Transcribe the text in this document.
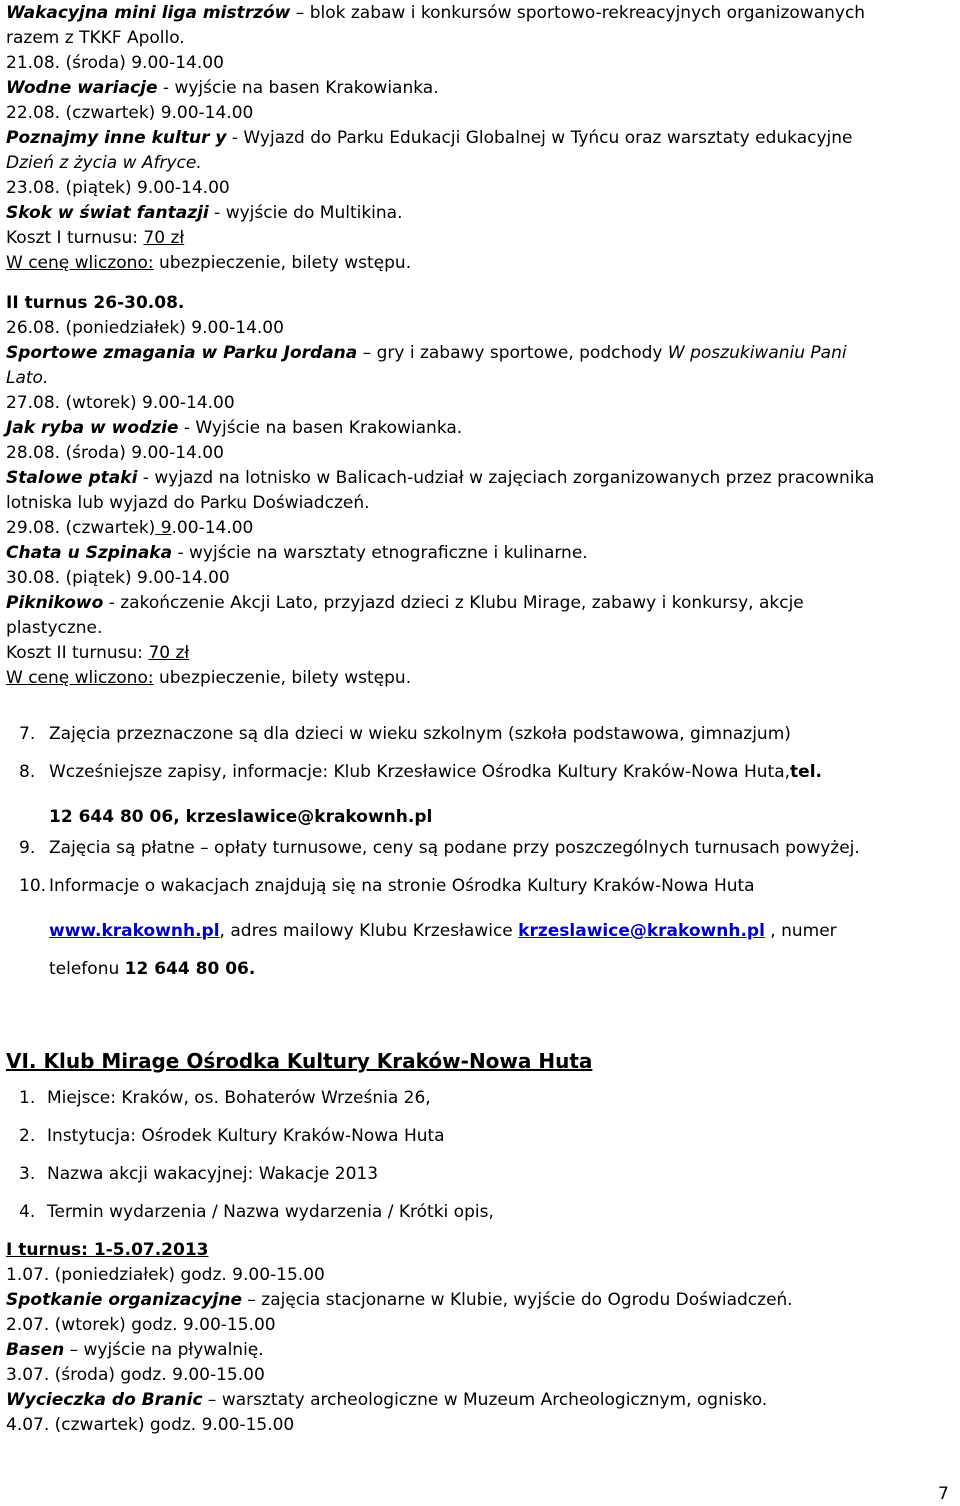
Wakacyjna mini liga mistrzów – blok zabaw i konkursów sportowo-rekreacyjnych organizowanych
razem z TKKF Apollo.
21.08. (środa) 9.00-14.00
Wodne wariacje - wyjście na basen Krakowianka.
22.08. (czwartek) 9.00-14.00
Poznajmy inne kultur y - Wyjazd do Parku Edukacji Globalnej w Tyńcu oraz warsztaty edukacyjne
Dzień z życia w Afryce.
23.08. (piątek) 9.00-14.00
Skok w świat fantazji - wyjście do Multikina.
Koszt I turnusu: 70 zł
W cenę wliczono: ubezpieczenie, bilety wstępu.
II turnus 26-30.08.
26.08. (poniedziałek) 9.00-14.00
Sportowe zmagania w Parku Jordana – gry i zabawy sportowe, podchody W poszukiwaniu Pani
Lato.
27.08. (wtorek) 9.00-14.00
Jak ryba w wodzie - Wyjście na basen Krakowianka.
28.08. (środa) 9.00-14.00
Stalowe ptaki - wyjazd na lotnisko w Balicach-udział w zajęciach zorganizowanych przez pracownika
lotniska lub wyjazd do Parku Doświadczeń.
29.08. (czwartek) 9.00-14.00
Chata u Szpinaka - wyjście na warsztaty etnograficzne i kulinarne.
30.08. (piątek) 9.00-14.00
Piknikowo - zakończenie Akcji Lato, przyjazd dzieci z Klubu Mirage, zabawy i konkursy, akcje
plastyczne.
Koszt II turnusu: 70 zł
W cenę wliczono: ubezpieczenie, bilety wstępu.
7. Zajęcia przeznaczone są dla dzieci w wieku szkolnym (szkoła podstawowa, gimnazjum)
8. Wcześniejsze zapisy, informacje: Klub Krzesławice Ośrodka Kultury Kraków-Nowa Huta, tel.
12 644 80 06, krzeslawice@krakownh.pl
9. Zajęcia są płatne – opłaty turnusowe, ceny są podane przy poszczególnych turnusach powyżej.
10. Informacje o wakacjach znajdują się na stronie Ośrodka Kultury Kraków-Nowa Huta
www.krakownh.pl, adres mailowy Klubu Krzesławice krzeslawice@krakownh.pl , numer
telefonu 12 644 80 06.
VI. Klub Mirage Ośrodka Kultury Kraków-Nowa Huta
1. Miejsce: Kraków, os. Bohaterów Września 26,
2. Instytucja: Ośrodek Kultury Kraków-Nowa Huta
3. Nazwa akcji wakacyjnej: Wakacje 2013
4. Termin wydarzenia / Nazwa wydarzenia / Krótki opis,
I turnus: 1-5.07.2013
1.07. (poniedziałek) godz. 9.00-15.00
Spotkanie organizacyjne – zajęcia stacjonarne w Klubie, wyjście do Ogrodu Doświadczeń.
2.07. (wtorek) godz. 9.00-15.00
Basen – wyjście na pływalnię.
3.07. (środa) godz. 9.00-15.00
Wycieczka do Branic – warsztaty archeologiczne w Muzeum Archeologicznym, ognisko.
4.07. (czwartek) godz. 9.00-15.00
7
